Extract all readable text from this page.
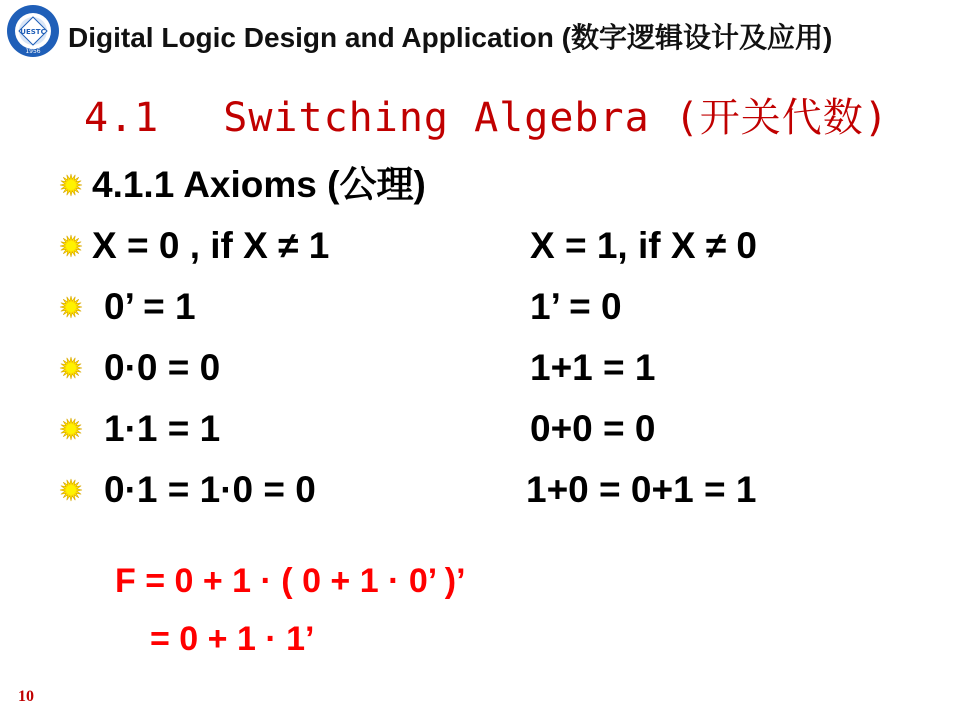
UESTC
1956 Digital Logic Design and Application (数字逻辑设计及应用)
4.1 Switching Algebra (开关代数)
4.1.1 Axioms (公理)
X = 0 , if X ≠ 1	X = 1, if X ≠ 0
0’ = 1	1’ = 0
0·0 = 0	1+1 = 1
1·1 = 1	0+0 = 0
0·1 = 1·0 = 0	1+0 = 0+1 = 1
F = 0 + 1 · ( 0 + 1 · 0’ )’
= 0 + 1 · 1’
10
